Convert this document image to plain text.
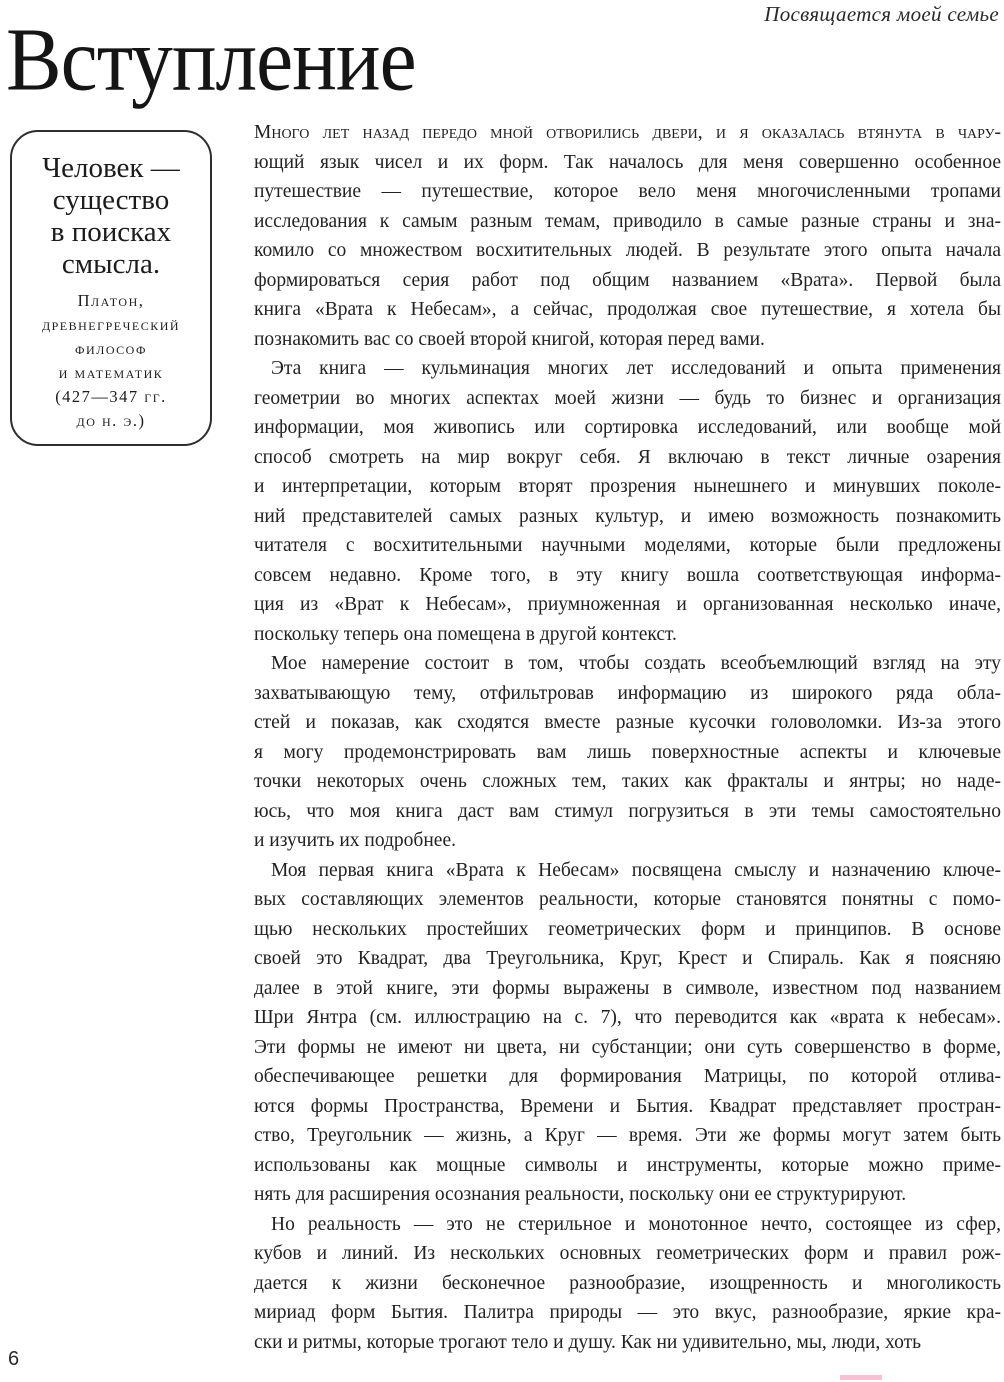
Посвящается моей семье
Вступление
Человек —
существо
в поисках
смысла.
Платон,
древнегреческий
философ
и математик
(427—347 гг.
до н. э.)
Много лет назад передо мной отворились двери, и я оказалась втянута в чару-
ющий язык чисел и их форм. Так началось для меня совершенно особенное
путешествие — путешествие, которое вело меня многочисленными тропами
исследования к самым разным темам, приводило в самые разные страны и зна-
комило со множеством восхитительных людей. В результате этого опыта начала
формироваться серия работ под общим названием «Врата». Первой была
книга «Врата к Небесам», а сейчас, продолжая свое путешествие, я хотела бы
познакомить вас со своей второй книгой, которая перед вами.
Эта книга — кульминация многих лет исследований и опыта применения
геометрии во многих аспектах моей жизни — будь то бизнес и организация
информации, моя живопись или сортировка исследований, или вообще мой
способ смотреть на мир вокруг себя. Я включаю в текст личные озарения
и интерпретации, которым вторят прозрения нынешнего и минувших поколе-
ний представителей самых разных культур, и имею возможность познакомить
читателя с восхитительными научными моделями, которые были предложены
совсем недавно. Кроме того, в эту книгу вошла соответствующая информа-
ция из «Врат к Небесам», приумноженная и организованная несколько иначе,
поскольку теперь она помещена в другой контекст.
Мое намерение состоит в том, чтобы создать всеобъемлющий взгляд на эту
захватывающую тему, отфильтровав информацию из широкого ряда обла-
стей и показав, как сходятся вместе разные кусочки головоломки. Из-за этого
я могу продемонстрировать вам лишь поверхностные аспекты и ключевые
точки некоторых очень сложных тем, таких как фракталы и янтры; но наде-
юсь, что моя книга даст вам стимул погрузиться в эти темы самостоятельно
и изучить их подробнее.
Моя первая книга «Врата к Небесам» посвящена смыслу и назначению ключе-
вых составляющих элементов реальности, которые становятся понятны с помо-
щью нескольких простейших геометрических форм и принципов. В основе
своей это Квадрат, два Треугольника, Круг, Крест и Спираль. Как я поясняю
далее в этой книге, эти формы выражены в символе, известном под названием
Шри Янтра (см. иллюстрацию на с. 7), что переводится как «врата к небесам».
Эти формы не имеют ни цвета, ни субстанции; они суть совершенство в форме,
обеспечивающее решетки для формирования Матрицы, по которой отлива-
ются формы Пространства, Времени и Бытия. Квадрат представляет простран-
ство, Треугольник — жизнь, а Круг — время. Эти же формы могут затем быть
использованы как мощные символы и инструменты, которые можно приме-
нять для расширения осознания реальности, поскольку они ее структурируют.
Но реальность — это не стерильное и монотонное нечто, состоящее из сфер,
кубов и линий. Из нескольких основных геометрических форм и правил рож-
дается к жизни бесконечное разнообразие, изощренность и многоликость
мириад форм Бытия. Палитра природы — это вкус, разнообразие, яркие кра-
ски и ритмы, которые трогают тело и душу. Как ни удивительно, мы, люди, хоть
6
